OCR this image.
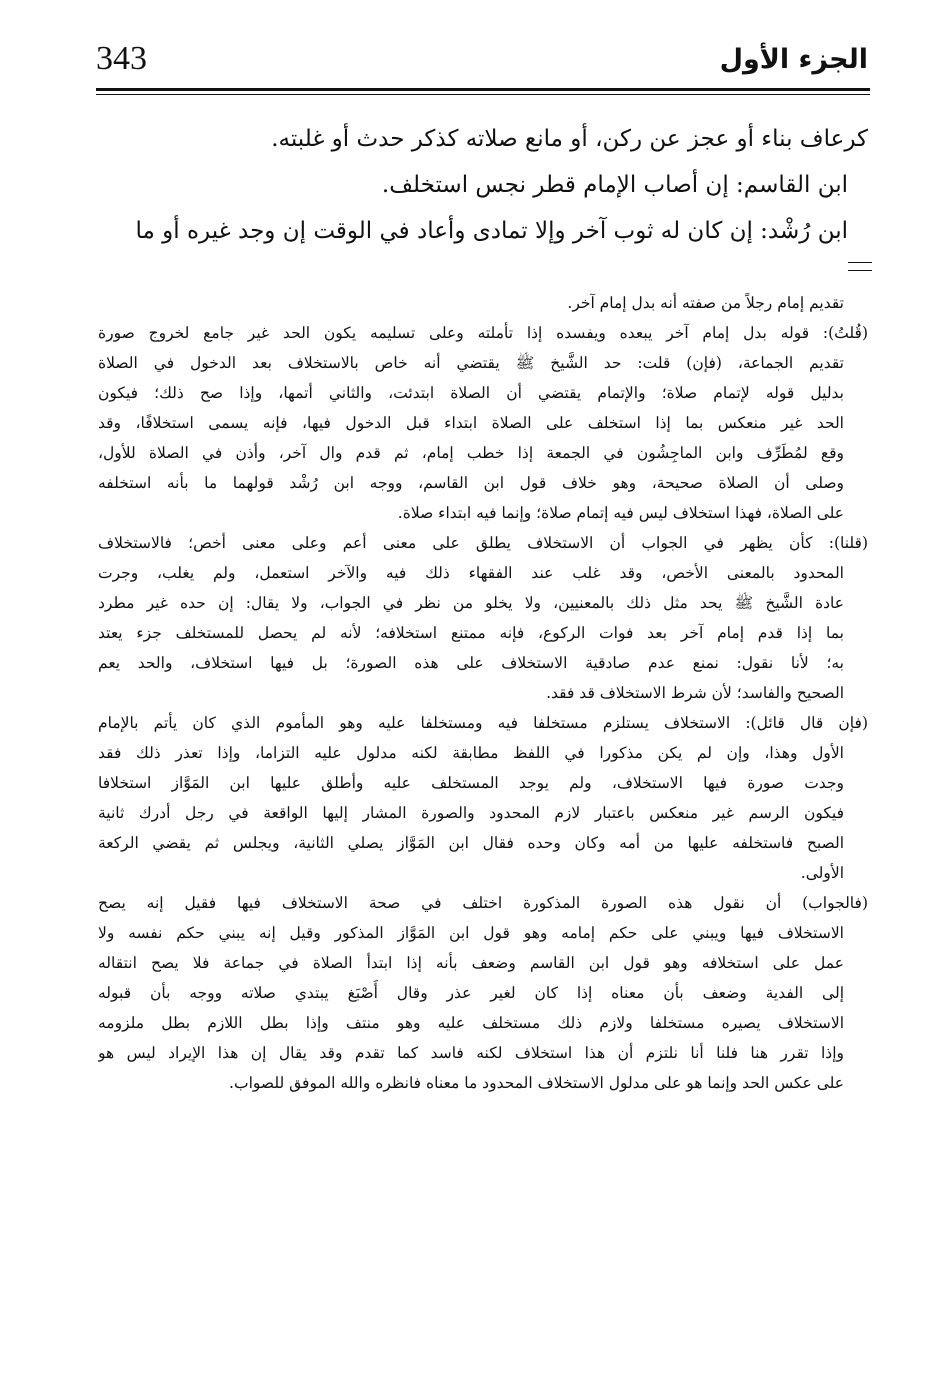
343	الجزء الأول

كرعاف بناء أو عجز عن ركن، أو مانع صلاته كذكر حدث أو غلبته.

ابن القاسم: إن أصاب الإمام قطر نجس استخلف.

ابن رُشْد: إن كان له ثوب آخر وإلا تمادى وأعاد في الوقت إن وجد غيره أو ما

تقديم إمام رجلاً من صفته أنه بدل إمام آخر.

(قُلتُ): قوله بدل إمام آخر يبعده ويفسده إذا تأملته وعلى تسليمه يكون الحد غير جامع لخروج صورة

تقديم الجماعة، (فإن) قلت: حد الشَّيخ ﷺ يقتضي أنه خاص بالاستخلاف بعد الدخول في الصلاة

بدليل قوله لإتمام صلاة؛ والإتمام يقتضي أن الصلاة ابتدئت، والثاني أتمها، وإذا صح ذلك؛ فيكون

الحد غير منعكس بما إذا استخلف على الصلاة ابتداء قبل الدخول فيها، فإنه يسمى استخلافًا، وقد

وقع لمُطَرِّف وابن الماجِشُون في الجمعة إذا خطب إمام، ثم قدم وال آخر، وأذن في الصلاة للأول،

وصلى أن الصلاة صحيحة، وهو خلاف قول ابن القاسم، ووجه ابن رُشْد قولهما ما بأنه استخلفه

على الصلاة، فهذا استخلاف ليس فيه إتمام صلاة؛ وإنما فيه ابتداء صلاة.

(قلنا): كأن يظهر في الجواب أن الاستخلاف يطلق على معنى أعم وعلى معنى أخص؛ فالاستخلاف

المحدود بالمعنى الأخص، وقد غلب عند الفقهاء ذلك فيه والآخر استعمل، ولم يغلب، وجرت

عادة الشَّيخ ﷺ يحد مثل ذلك بالمعنيين، ولا يخلو من نظر في الجواب، ولا يقال: إن حده غير مطرد

بما إذا قدم إمام آخر بعد فوات الركوع، فإنه ممتنع استخلافه؛ لأنه لم يحصل للمستخلف جزء يعتد

به؛ لأنا نقول: نمنع عدم صادقية الاستخلاف على هذه الصورة؛ بل فيها استخلاف، والحد يعم

الصحيح والفاسد؛ لأن شرط الاستخلاف قد فقد.

(فإن قال قائل): الاستخلاف يستلزم مستخلفا فيه ومستخلفا عليه وهو المأموم الذي كان يأتم بالإمام

الأول وهذا، وإن لم يكن مذكورا في اللفظ مطابقة لكنه مدلول عليه التزاما، وإذا تعذر ذلك فقد

وجدت صورة فيها الاستخلاف، ولم يوجد المستخلف عليه وأطلق عليها ابن المَوَّاز استخلافا

فيكون الرسم غير منعكس باعتبار لازم المحدود والصورة المشار إليها الواقعة في رجل أدرك ثانية

الصبح فاستخلفه عليها من أمه وكان وحده فقال ابن المَوَّاز يصلي الثانية، ويجلس ثم يقضي الركعة

الأولى.

(فالجواب) أن نقول هذه الصورة المذكورة اختلف في صحة الاستخلاف فيها فقيل إنه يصح

الاستخلاف فيها ويبني على حكم إمامه وهو قول ابن المَوَّاز المذكور وقيل إنه يبني حكم نفسه ولا

عمل على استخلافه وهو قول ابن القاسم وضعف بأنه إذا ابتدأ الصلاة في جماعة فلا يصح انتقاله

إلى الفدية وضعف بأن معناه إذا كان لغير عذر وقال أَصْبَغ يبتدي صلاته ووجه بأن قبوله

الاستخلاف يصيره مستخلفا ولازم ذلك مستخلف عليه وهو منتف وإذا بطل اللازم بطل ملزومه

وإذا تقرر هنا فلنا أنا نلتزم أن هذا استخلاف لكنه فاسد كما تقدم وقد يقال إن هذا الإيراد ليس هو

على عكس الحد وإنما هو على مدلول الاستخلاف المحدود ما معناه فانظره والله الموفق للصواب.
